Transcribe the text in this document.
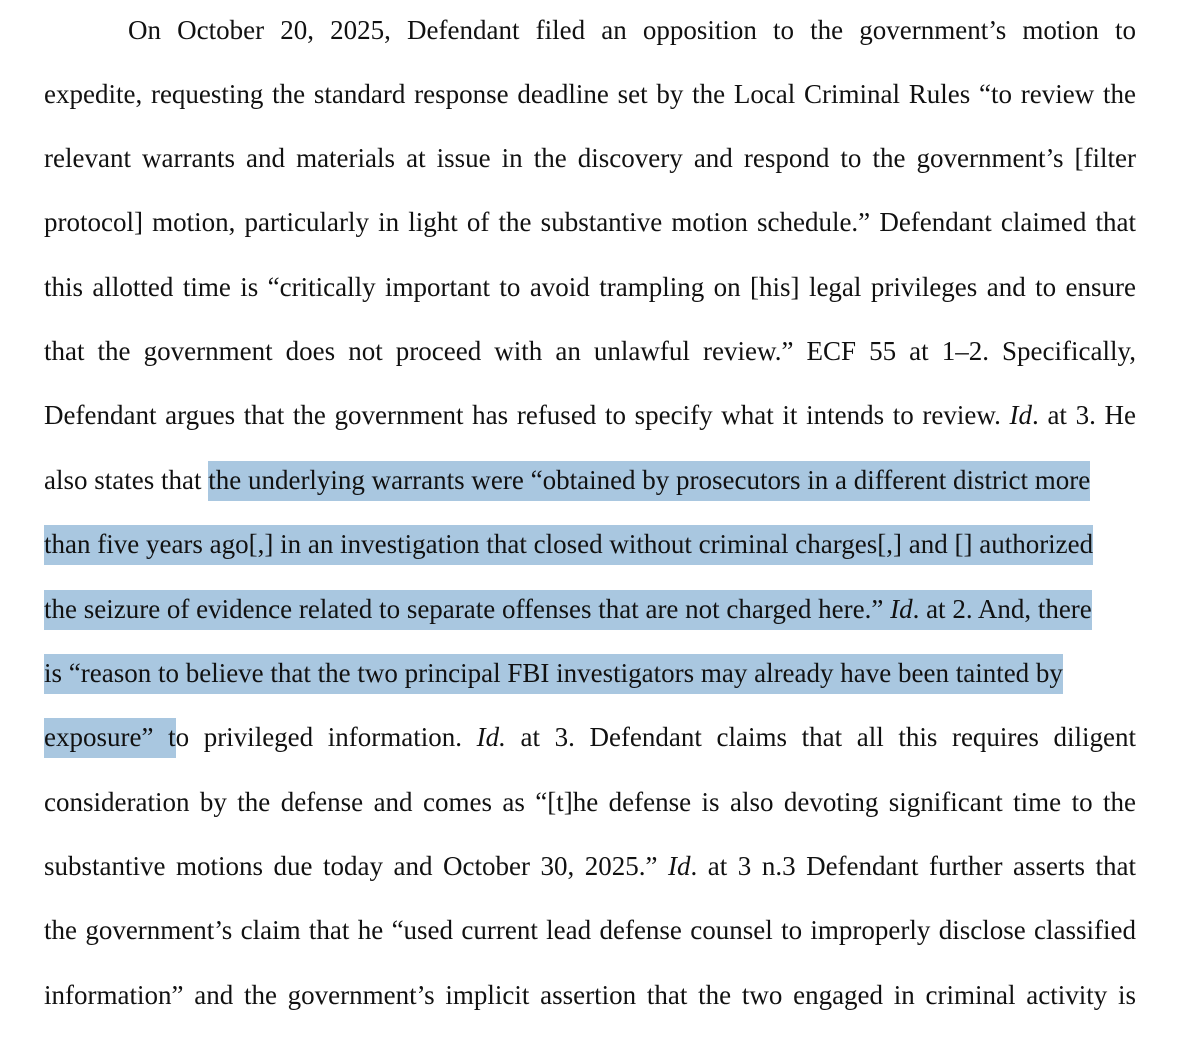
On October 20, 2025, Defendant filed an opposition to the government’s motion to
expedite, requesting the standard response deadline set by the Local Criminal Rules “to review the
relevant warrants and materials at issue in the discovery and respond to the government’s [filter
protocol] motion, particularly in light of the substantive motion schedule.” Defendant claimed that
this allotted time is “critically important to avoid trampling on [his] legal privileges and to ensure
that the government does not proceed with an unlawful review.” ECF 55 at 1–2. Specifically,
Defendant argues that the government has refused to specify what it intends to review. Id. at 3. He
also states that the underlying warrants were “obtained by prosecutors in a different district more
than five years ago[,] in an investigation that closed without criminal charges[,] and [] authorized
the seizure of evidence related to separate offenses that are not charged here.” Id. at 2. And, there
is “reason to believe that the two principal FBI investigators may already have been tainted by
exposure” to privileged information. Id. at 3. Defendant claims that all this requires diligent
consideration by the defense and comes as “[t]he defense is also devoting significant time to the
substantive motions due today and October 30, 2025.” Id. at 3 n.3 Defendant further asserts that
the government’s claim that he “used current lead defense counsel to improperly disclose classified
information” and the government’s implicit assertion that the two engaged in criminal activity is
